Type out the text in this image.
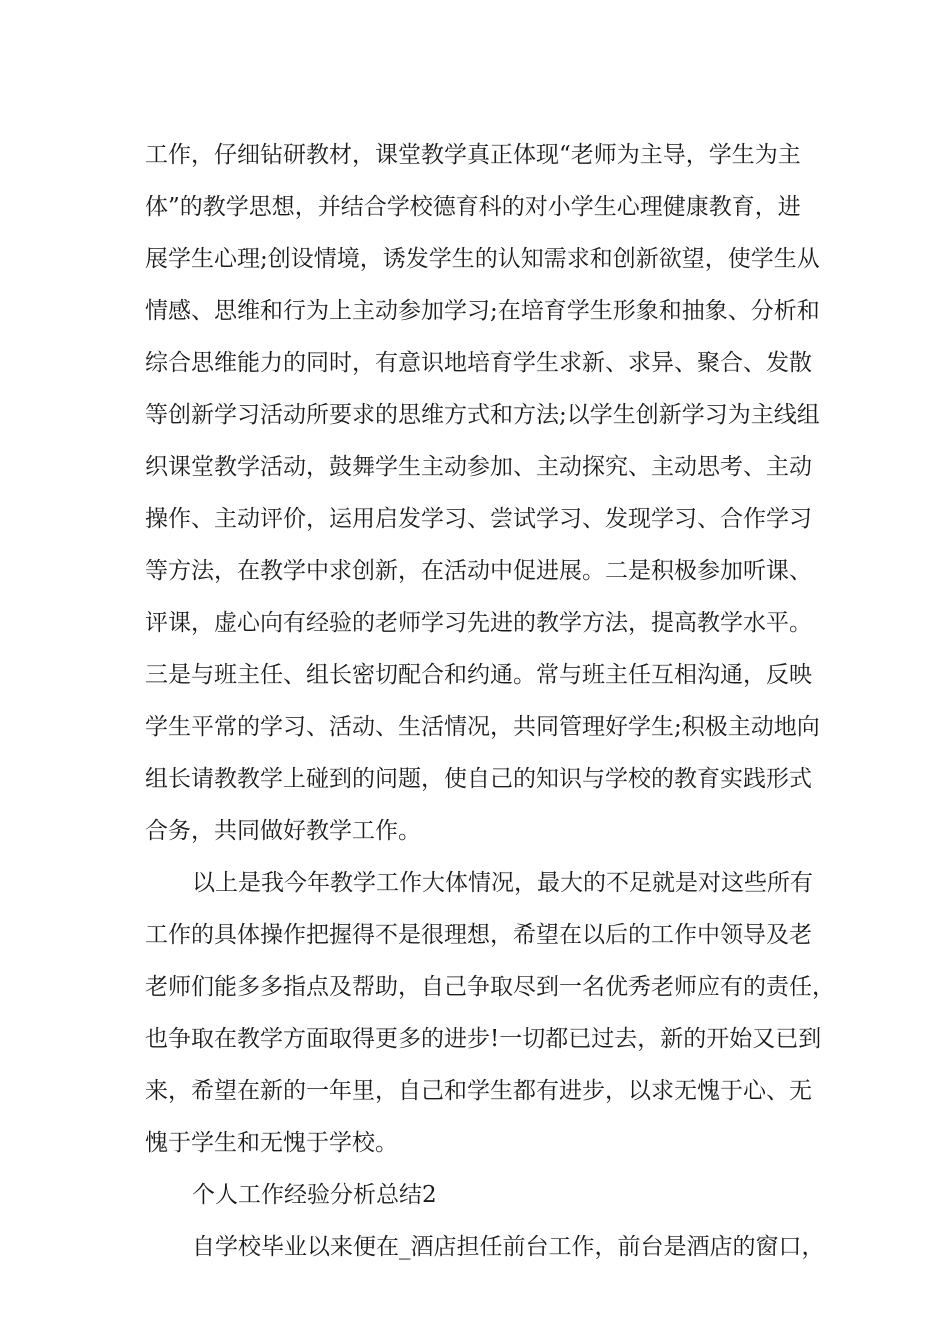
工作，仔细钻研教材，课堂教学真正体现“老师为主导，学生为主
体”的教学思想，并结合学校德育科的对小学生心理健康教育，进
展学生心理;创设情境，诱发学生的认知需求和创新欲望，使学生从
情感、思维和行为上主动参加学习;在培育学生形象和抽象、分析和
综合思维能力的同时，有意识地培育学生求新、求异、聚合、发散
等创新学习活动所要求的思维方式和方法;以学生创新学习为主线组
织课堂教学活动，鼓舞学生主动参加、主动探究、主动思考、主动
操作、主动评价，运用启发学习、尝试学习、发现学习、合作学习
等方法，在教学中求创新，在活动中促进展。二是积极参加听课、
评课，虚心向有经验的老师学习先进的教学方法，提高教学水平。
三是与班主任、组长密切配合和约通。常与班主任互相沟通，反映
学生平常的学习、活动、生活情况，共同管理好学生;积极主动地向
组长请教教学上碰到的问题，使自己的知识与学校的教育实践形式
合务，共同做好教学工作。
以上是我今年教学工作大体情况，最大的不足就是对这些所有
工作的具体操作把握得不是很理想，希望在以后的工作中领导及老
老师们能多多指点及帮助，自己争取尽到一名优秀老师应有的责任，
也争取在教学方面取得更多的进步!一切都已过去，新的开始又已到
来，希望在新的一年里，自己和学生都有进步，以求无愧于心、无
愧于学生和无愧于学校。
个人工作经验分析总结2
自学校毕业以来便在_酒店担任前台工作，前台是酒店的窗口，
